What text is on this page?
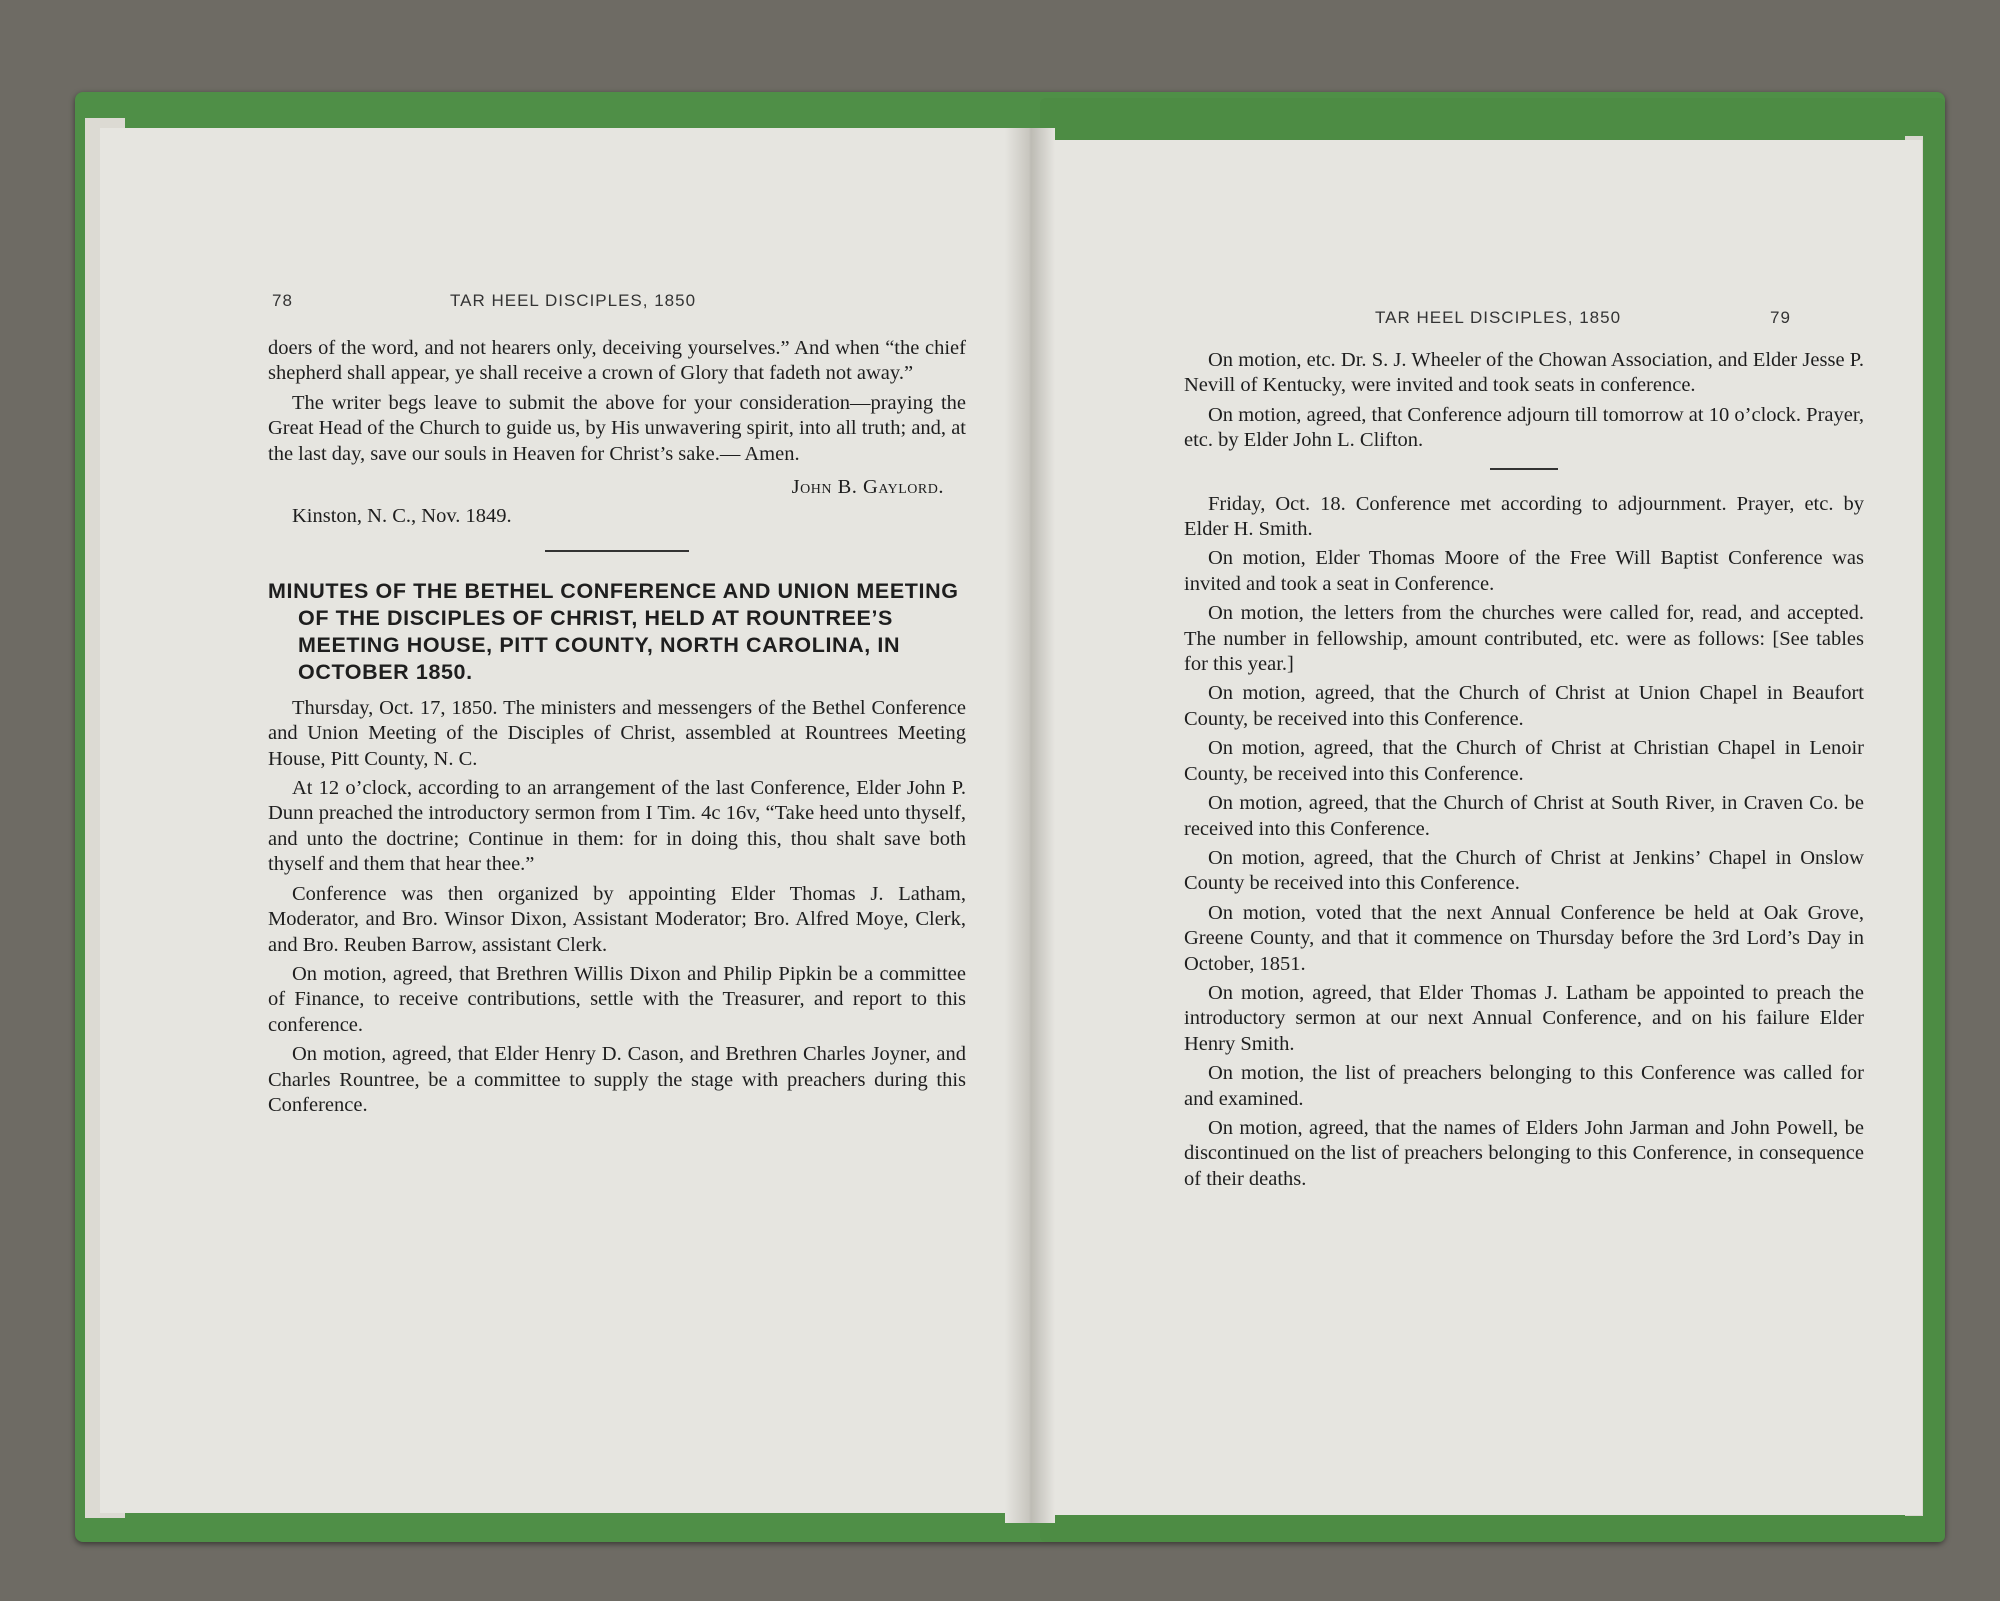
78	TAR HEEL DISCIPLES, 1850

doers of the word, and not hearers only, deceiving yourselves.” And when “the chief shepherd shall appear, ye shall receive a crown of Glory that fadeth not away.”

The writer begs leave to submit the above for your consideration—praying the Great Head of the Church to guide us, by His unwavering spirit, into all truth; and, at the last day, save our souls in Heaven for Christ’s sake.— Amen.

John B. Gaylord.

Kinston, N. C., Nov. 1849.

MINUTES OF THE BETHEL CONFERENCE AND UNION MEETING OF THE DISCIPLES OF CHRIST, HELD AT ROUNTREE’S MEETING HOUSE, PITT COUNTY, NORTH CAROLINA, IN OCTOBER 1850.

Thursday, Oct. 17, 1850. The ministers and messengers of the Bethel Conference and Union Meeting of the Disciples of Christ, assembled at Rountrees Meeting House, Pitt County, N. C.

At 12 o’clock, according to an arrangement of the last Conference, Elder John P. Dunn preached the introductory sermon from I Tim. 4c 16v, “Take heed unto thyself, and unto the doctrine; Continue in them: for in doing this, thou shalt save both thyself and them that hear thee.”

Conference was then organized by appointing Elder Thomas J. Latham, Moderator, and Bro. Winsor Dixon, Assistant Moderator; Bro. Alfred Moye, Clerk, and Bro. Reuben Barrow, assistant Clerk.

On motion, agreed, that Brethren Willis Dixon and Philip Pipkin be a committee of Finance, to receive contributions, settle with the Treasurer, and report to this conference.

On motion, agreed, that Elder Henry D. Cason, and Brethren Charles Joyner, and Charles Rountree, be a committee to supply the stage with preachers during this Conference.

TAR HEEL DISCIPLES, 1850	79

On motion, etc. Dr. S. J. Wheeler of the Chowan Association, and Elder Jesse P. Nevill of Kentucky, were invited and took seats in conference.

On motion, agreed, that Conference adjourn till tomorrow at 10 o’clock. Prayer, etc. by Elder John L. Clifton.

Friday, Oct. 18. Conference met according to adjournment. Prayer, etc. by Elder H. Smith.

On motion, Elder Thomas Moore of the Free Will Baptist Conference was invited and took a seat in Conference.

On motion, the letters from the churches were called for, read, and accepted. The number in fellowship, amount contributed, etc. were as follows: [See tables for this year.]

On motion, agreed, that the Church of Christ at Union Chapel in Beaufort County, be received into this Conference.

On motion, agreed, that the Church of Christ at Christian Chapel in Lenoir County, be received into this Conference.

On motion, agreed, that the Church of Christ at South River, in Craven Co. be received into this Conference.

On motion, agreed, that the Church of Christ at Jenkins’ Chapel in Onslow County be received into this Conference.

On motion, voted that the next Annual Conference be held at Oak Grove, Greene County, and that it commence on Thursday before the 3rd Lord’s Day in October, 1851.

On motion, agreed, that Elder Thomas J. Latham be appointed to preach the introductory sermon at our next Annual Conference, and on his failure Elder Henry Smith.

On motion, the list of preachers belonging to this Conference was called for and examined.

On motion, agreed, that the names of Elders John Jarman and John Powell, be discontinued on the list of preachers belonging to this Conference, in consequence of their deaths.
